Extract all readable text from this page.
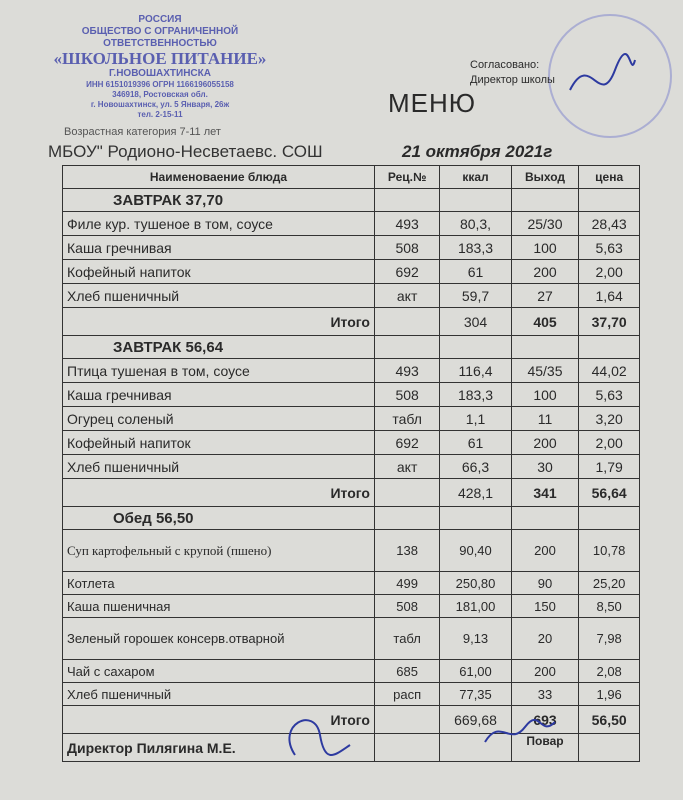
РОССИЯ
ОБЩЕСТВО С ОГРАНИЧЕННОЙ
ОТВЕТСТВЕННОСТЬЮ
«ШКОЛЬНОЕ ПИТАНИЕ»
Г.НОВОШАХТИНСКА
ИНН 6151019396 ОГРН 1166196055158
346918, Ростовская обл.
г. Новошахтинск, ул. 5 Января, 26ж
тел. 2-15-11
Возрастная категория 7-11 лет
МБОУ" Родионо-Несветаевс. СОШ	21 октября 2021г
Согласовано:
Директор школы
МЕНЮ
Наименоваение блюда	Рец.№	ккал	Выход	цена
ЗАВТРАК 37,70				
Филе кур. тушеное в том, соусе	493	80,3,	25/30	28,43
Каша гречнивая	508	183,3	100	5,63
Кофейный напиток	692	61	200	2,00
Хлеб пшеничный	акт	59,7	27	1,64
Итого		304	405	37,70
ЗАВТРАК 56,64				
Птица тушеная в том, соусе	493	116,4	45/35	44,02
Каша гречнивая	508	183,3	100	5,63
Огурец соленый	табл	1,1	11	3,20
Кофейный напиток	692	61	200	2,00
Хлеб пшеничный	акт	66,3	30	1,79
Итого		428,1	341	56,64
Обед 56,50				
Суп картофельный с крупой (пшено)	138	90,40	200	10,78
Котлета	499	250,80	90	25,20
Каша пшеничная	508	181,00	150	8,50
Зеленый горошек консерв.отварной	табл	9,13	20	7,98
Чай с сахаром	685	61,00	200	2,08
Хлеб пшеничный	расп	77,35	33	1,96
Итого		669,68	693	56,50
Директор Пилягина М.Е.			Повар	
